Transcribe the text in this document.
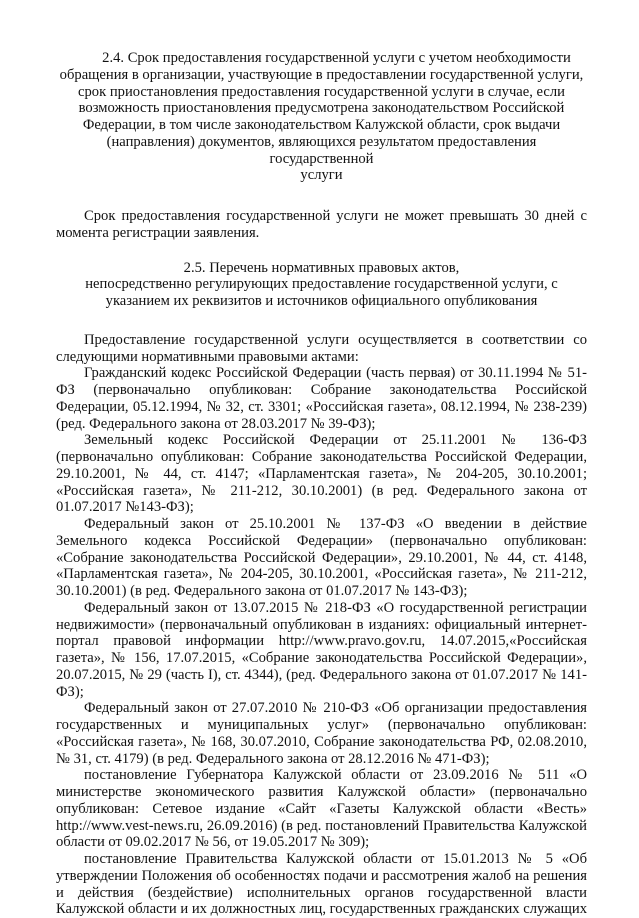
2.4. Срок предоставления государственной услуги с учетом необходимости

обращения в организации, участвующие в предоставлении государственной услуги,

срок приостановления предоставления государственной услуги в случае, если

возможность приостановления предусмотрена законодательством Российской

Федерации, в том числе законодательством Калужской области, срок выдачи

(направления) документов, являющихся результатом предоставления государственной

услуги

Срок предоставления государственной услуги не может превышать 30 дней с момента регистрации заявления.

2.5. Перечень нормативных правовых актов,

непосредственно регулирующих предоставление государственной услуги, с

указанием их реквизитов и источников официального опубликования

Предоставление государственной услуги осуществляется в соответствии со следующими нормативными правовыми актами:

Гражданский кодекс Российской Федерации (часть первая) от 30.11.1994 № 51-ФЗ (первоначально опубликован: Собрание законодательства Российской Федерации, 05.12.1994, № 32, ст. 3301; «Российская газета», 08.12.1994, № 238-239) (ред. Федерального закона от 28.03.2017 № 39-ФЗ);

Земельный кодекс Российской Федерации от 25.11.2001 № 136-ФЗ (первоначально опубликован: Собрание законодательства Российской Федерации, 29.10.2001, № 44, ст. 4147; «Парламентская газета», № 204-205, 30.10.2001; «Российская газета», № 211-212, 30.10.2001) (в ред. Федерального закона от 01.07.2017 №143-ФЗ);

Федеральный закон от 25.10.2001 № 137-ФЗ «О введении в действие Земельного кодекса Российской Федерации» (первоначально опубликован: «Собрание законодательства Российской Федерации», 29.10.2001, № 44, ст. 4148, «Парламентская газета», № 204-205, 30.10.2001, «Российская газета», № 211-212, 30.10.2001) (в ред. Федерального закона от 01.07.2017 № 143-ФЗ);

Федеральный закон от 13.07.2015 № 218-ФЗ «О государственной регистрации недвижимости» (первоначальный опубликован в изданиях: официальный интернет-портал правовой информации http://www.pravo.gov.ru, 14.07.2015,«Российская газета», № 156, 17.07.2015, «Собрание законодательства Российской Федерации», 20.07.2015, № 29 (часть I), ст. 4344), (ред. Федерального закона от 01.07.2017 № 141-ФЗ);

Федеральный закон от 27.07.2010 № 210-ФЗ «Об организации предоставления государственных и муниципальных услуг» (первоначально опубликован: «Российская газета», № 168, 30.07.2010, Собрание законодательства РФ, 02.08.2010, № 31, ст. 4179) (в ред. Федерального закона от 28.12.2016 № 471-ФЗ);

постановление Губернатора Калужской области от 23.09.2016 № 511 «О министерстве экономического развития Калужской области» (первоначально опубликован: Сетевое издание «Сайт «Газеты Калужской области «Весть» http://www.vest-news.ru, 26.09.2016) (в ред. постановлений Правительства Калужской области от 09.02.2017 № 56, от 19.05.2017 № 309);

постановление Правительства Калужской области от 15.01.2013 № 5 «Об утверждении Положения об особенностях подачи и рассмотрения жалоб на решения и действия (бездействие) исполнительных органов государственной власти Калужской области и их должностных лиц, государственных гражданских служащих
